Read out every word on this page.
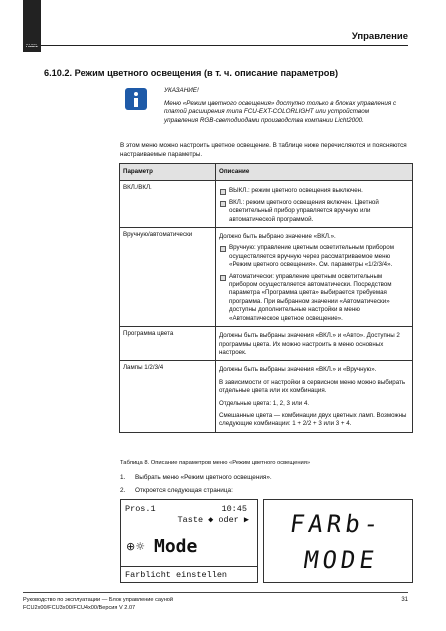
FASEL
Управление
6.10.2. Режим цветного освещения (в т. ч. описание параметров)
УКАЗАНИЕ!
Меню «Режим цветного освещения» доступно только в блоках управления с платой расширения типа FCU-EXT-COLORLIGHT или устройством управления RGB-светодиодами производства компании Licht2000.
В этом меню можно настроить цветное освещение. В таблице ниже перечисляются и поясняются настраиваемые параметры.
Параметр	Описание
ВКЛ./ВКЛ.	ВЫКЛ.: режим цветного освещения выключен.
ВКЛ.: режим цветного освещения включен. Цветной осветительный прибор управляется вручную или автоматической программой.

Вручную/автоматически	Должно быть выбрано значение «ВКЛ.».
Вручную: управление цветным осветительным прибором осуществляется вручную через рассматриваемое меню «Режим цветного освещения». См. параметры «1/2/3/4».
Автоматически: управление цветным осветительным прибором осуществляется автоматически. Посредством параметра «Программа цвета» выбирается требуемая программа. При выбранном значении «Автоматически» доступны дополнительные настройки в меню «Автоматическое цветное освещение».

Программа цвета	Должны быть выбраны значения «ВКЛ.» и «Авто». Доступны 2 программы цвета. Их можно настроить в меню основных настроек.

Лампы 1/2/3/4	Должны быть выбраны значения «ВКЛ.» и «Вручную».
В зависимости от настройки в сервисном меню можно выбирать отдельные цвета или их комбинация.
Отдельные цвета: 1, 2, 3 или 4.
Смешанные цвета — комбинации двух цветных ламп. Возможны следующие комбинации: 1 + 2/2 + 3 или 3 + 4.
Таблица 8. Описание параметров меню «Режим цветного освещения»
1.	Выбрать меню «Режим цветного освещения».
2.	Откроется следующая страница:
Pros.1	10:45
Taste ◆ oder ▶
⊕☼ Mode
Farblicht einstellen
FARb-
MODE
Руководство по эксплуатации — Блок управление сауной
FCU2x00/FCU3x00/FCU4x00/Версия V 2.07
31
